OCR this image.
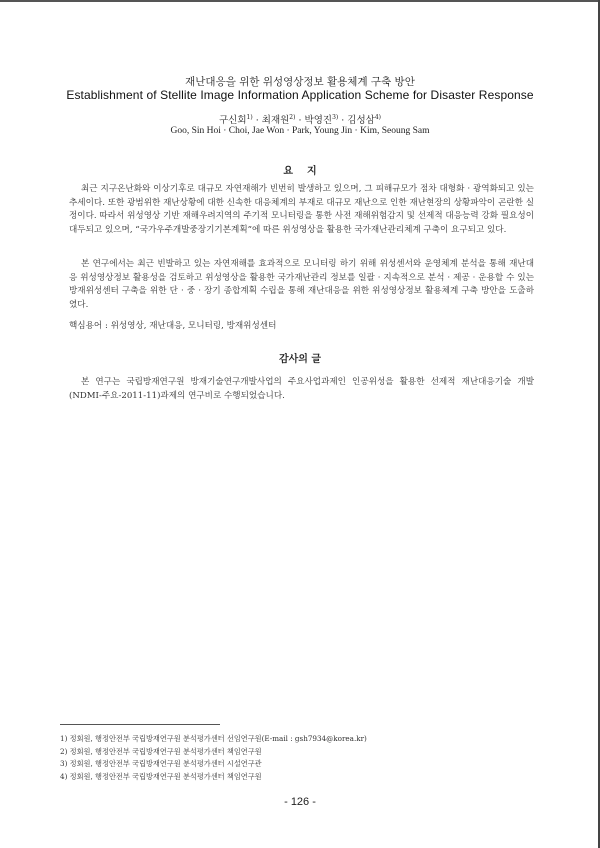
재난대응을 위한 위성영상정보 활용체계 구축 방안
Establishment of Stellite Image Information Application Scheme for Disaster Response
구신회$^{1)}$ · 최재원$^{2)}$ · 박영진$^{3)}$ · 김성삼$^{4)}$
Goo, Sin Hoi · Choi, Jae Won · Park, Young Jin · Kim, Seoung Sam
요지
최근 지구온난화와 이상기후로 대규모 자연재해가 빈번히 발생하고 있으며, 그 피해규모가 점차 대형화 · 광역화되고 있는 추세이다. 또한 광범위한 재난상황에 대한 신속한 대응체계의 부재로 대규모 재난으로 인한 재난현장의 상황파악이 곤란한 실정이다. 따라서 위성영상 기반 재해우려지역의 주기적 모니터링을 통한 사전 재해위험감지 및 선제적 대응능력 강화 필요성이 대두되고 있으며, “국가우주개발중장기기본계획”에 따른 위성영상을 활용한 국가재난관리체계 구축이 요구되고 있다.
본 연구에서는 최근 빈발하고 있는 자연재해를 효과적으로 모니터링 하기 위해 위성센서와 운영체계 분석을 통해 재난대응 위성영상정보 활용성을 검토하고 위성영상을 활용한 국가재난관리 정보를 일괄 · 지속적으로 분석 · 제공 · 운용할 수 있는 방재위성센터 구축을 위한 단 · 중 · 장기 종합계획 수립을 통해 재난대응을 위한 위성영상정보 활용체계 구축 방안을 도출하였다.
핵심용어 : 위성영상, 재난대응, 모니터링, 방재위성센터
감사의 글
본 연구는 국립방재연구원 방재기술연구개발사업의 주요사업과제인 인공위성을 활용한 선제적 재난대응기술 개발(NDMI-주요-2011-11)과제의 연구비로 수행되었습니다.
1) 정회원, 행정안전부 국립방재연구원 분석평가센터 선임연구원(E-mail : gsh7934@korea.kr)
2) 정회원, 행정안전부 국립방재연구원 분석평가센터 책임연구원
3) 정회원, 행정안전부 국립방재연구원 분석평가센터 시설연구관
4) 정회원, 행정안전부 국립방재연구원 분석평가센터 책임연구원
- 126 -
